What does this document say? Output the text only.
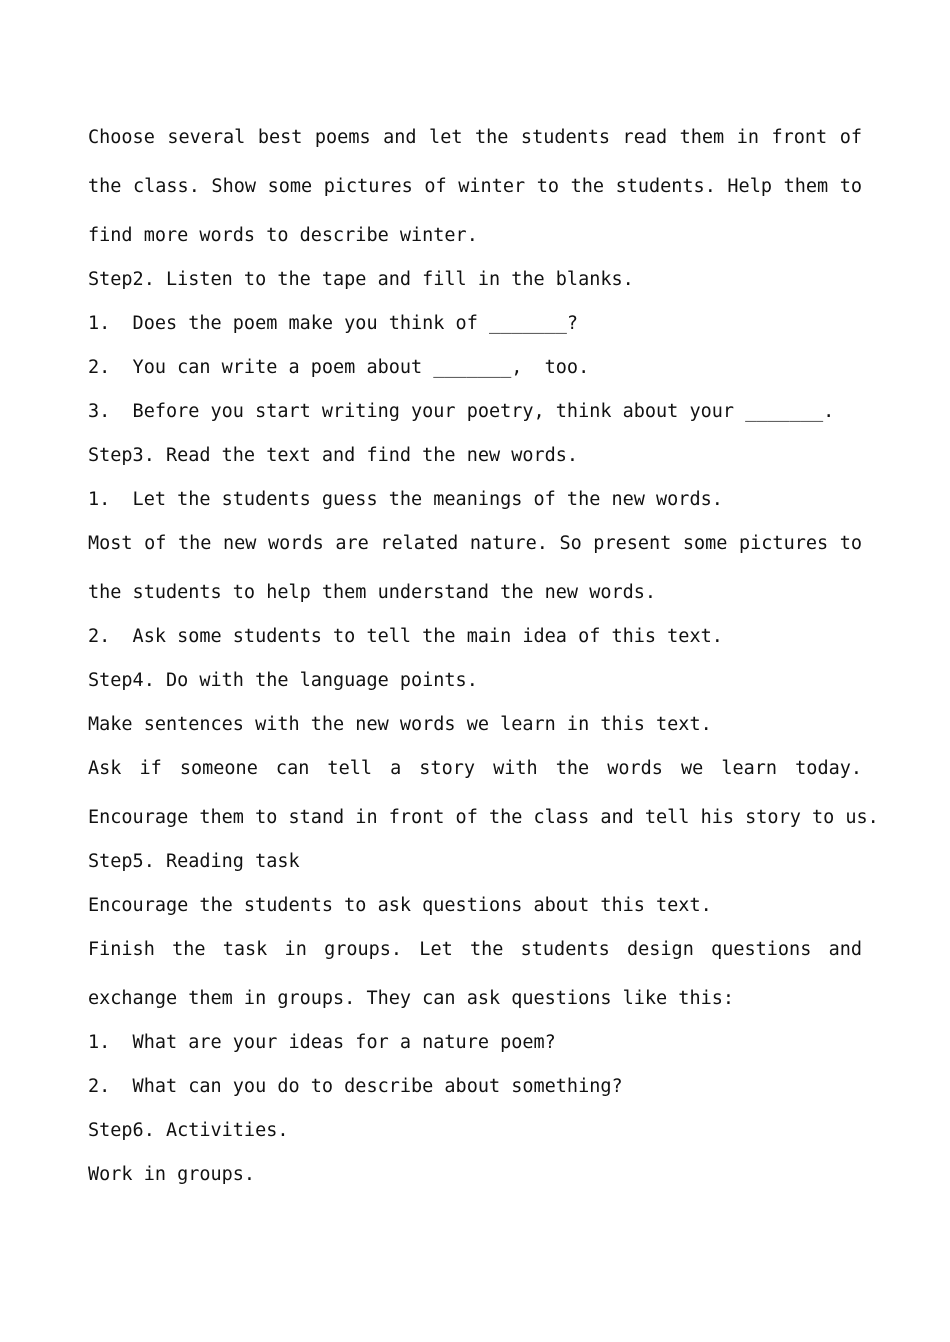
Choose several best poems and let the students read them in front of
the class. Show some pictures of winter to the students. Help them to
find more words to describe winter.
Step2. Listen to the tape and fill in the blanks.
1.  Does the poem make you think of _______?
2.  You can write a poem about _______,  too.
3.  Before you start writing your poetry, think about your _______.
Step3. Read the text and find the new words.
1.  Let the students guess the meanings of the new words.
Most of the new words are related nature. So present some pictures to
the students to help them understand the new words.
2.  Ask some students to tell the main idea of this text.
Step4. Do with the language points.
Make sentences with the new words we learn in this text.
Ask if someone can tell a story with the words we learn today.
Encourage them to stand in front of the class and tell his story to us.
Step5. Reading task
Encourage the students to ask questions about this text.
Finish the task in groups. Let the students design questions and
exchange them in groups. They can ask questions like this:
1.  What are your ideas for a nature poem?
2.  What can you do to describe about something?
Step6. Activities.
Work in groups.
